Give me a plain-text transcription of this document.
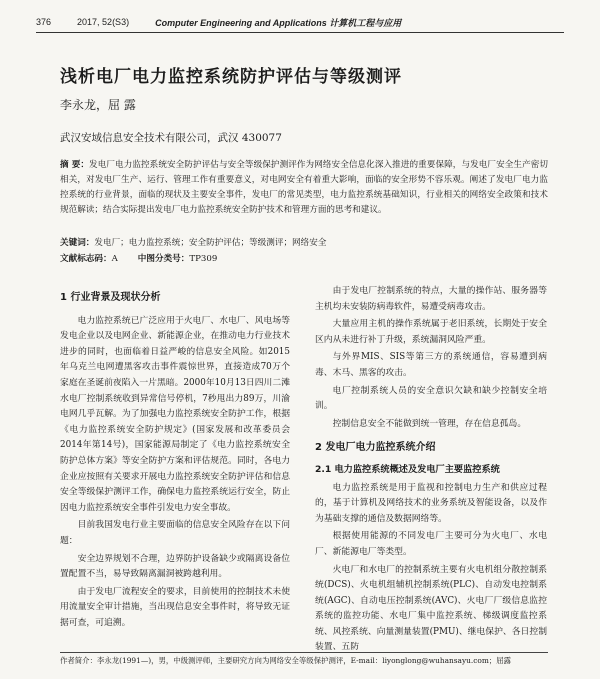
376	2017, 52(S3)	Computer Engineering and Applications 计算机工程与应用
浅析电厂电力监控系统防护评估与等级测评
李永龙，屈 露
武汉安域信息安全技术有限公司，武汉 430077
摘 要：发电厂电力监控系统安全防护评估与安全等级保护测评作为网络安全信息化深入推进的重要保障，与发电厂安全生产密切相关，对发电厂生产、运行、管理工作有重要意义，对电网安全有着重大影响，面临的安全形势不容乐观。阐述了发电厂电力监控系统的行业背景，面临的现状及主要安全事件，发电厂的常见类型，电力监控系统基础知识，行业相关的网络安全政策和技术规范解读；结合实际提出发电厂电力监控系统安全防护技术和管理方面的思考和建议。
关键词：发电厂；电力监控系统；安全防护评估；等级测评；网络安全
文献标志码：A 中图分类号：TP309
1 行业背景及现状分析

电力监控系统已广泛应用于火电厂、水电厂、风电场等发电企业以及电网企业、新能源企业，在推动电力行业技术进步的同时，也面临着日益严峻的信息安全风险。如2015年乌克兰电网遭黑客攻击事件震惊世界，直接造成70万个家庭在圣诞前夜陷入一片黑暗。2000年10月13日四川二滩水电厂控制系统收到异常信号停机，7秒甩出力89万，川渝电网几乎瓦解。为了加强电力监控系统安全防护工作，根据《电力监控系统安全防护规定》(国家发展和改革委员会2014年第14号)，国家能源局制定了《电力监控系统安全防护总体方案》等安全防护方案和评估规范。同时，各电力企业应按照有关要求开展电力监控系统安全防护评估和信息安全等级保护测评工作，确保电力监控系统运行安全，防止因电力监控系统安全事件引发电力安全事故。

目前我国发电行业主要面临的信息安全风险存在以下问题：

安全边界规划不合理，边界防护设备缺少或隔离设备位置配置不当，易导致隔离漏洞被跨越利用。

由于发电厂流程安全的要求，目前使用的控制技术未使用流量安全审计措施，当出现信息安全事件时，将导致无证据可查，可追溯。

由于发电厂控制系统的特点，大量的操作站、服务器等主机均未安装防病毒软件，易遭受病毒攻击。

大量应用主机的操作系统属于老旧系统，长期处于安全区内从未进行补丁升级，系统漏洞风险严重。

与外界MIS、SIS等第三方的系统通信，容易遭到病毒、木马、黑客的攻击。

电厂控制系统人员的安全意识欠缺和缺少控制安全培训。

控制信息安全不能做到统一管理，存在信息孤岛。

2 发电厂电力监控系统介绍
2.1 电力监控系统概述及发电厂主要监控系统

电力监控系统是用于监视和控制电力生产和供应过程的，基于计算机及网络技术的业务系统及智能设备，以及作为基础支撑的通信及数据网络等。

根据使用能源的不同发电厂主要可分为火电厂、水电厂、新能源电厂等类型。

火电厂和水电厂的控制系统主要有火电机组分散控制系统(DCS)、火电机组辅机控制系统(PLC)、自动发电控制系统(AGC)、自动电压控制系统(AVC)、火电厂厂级信息监控系统的监控功能、水电厂集中监控系统、梯级调度监控系统、风控系统、向量测量装置(PMU)、继电保护、各日控制装置、五防

作者简介：李永龙(1991—)，男，中级测评师，主要研究方向为网络安全等级保护测评，E-mail：liyonglong@wuhansayu.com；屈露
